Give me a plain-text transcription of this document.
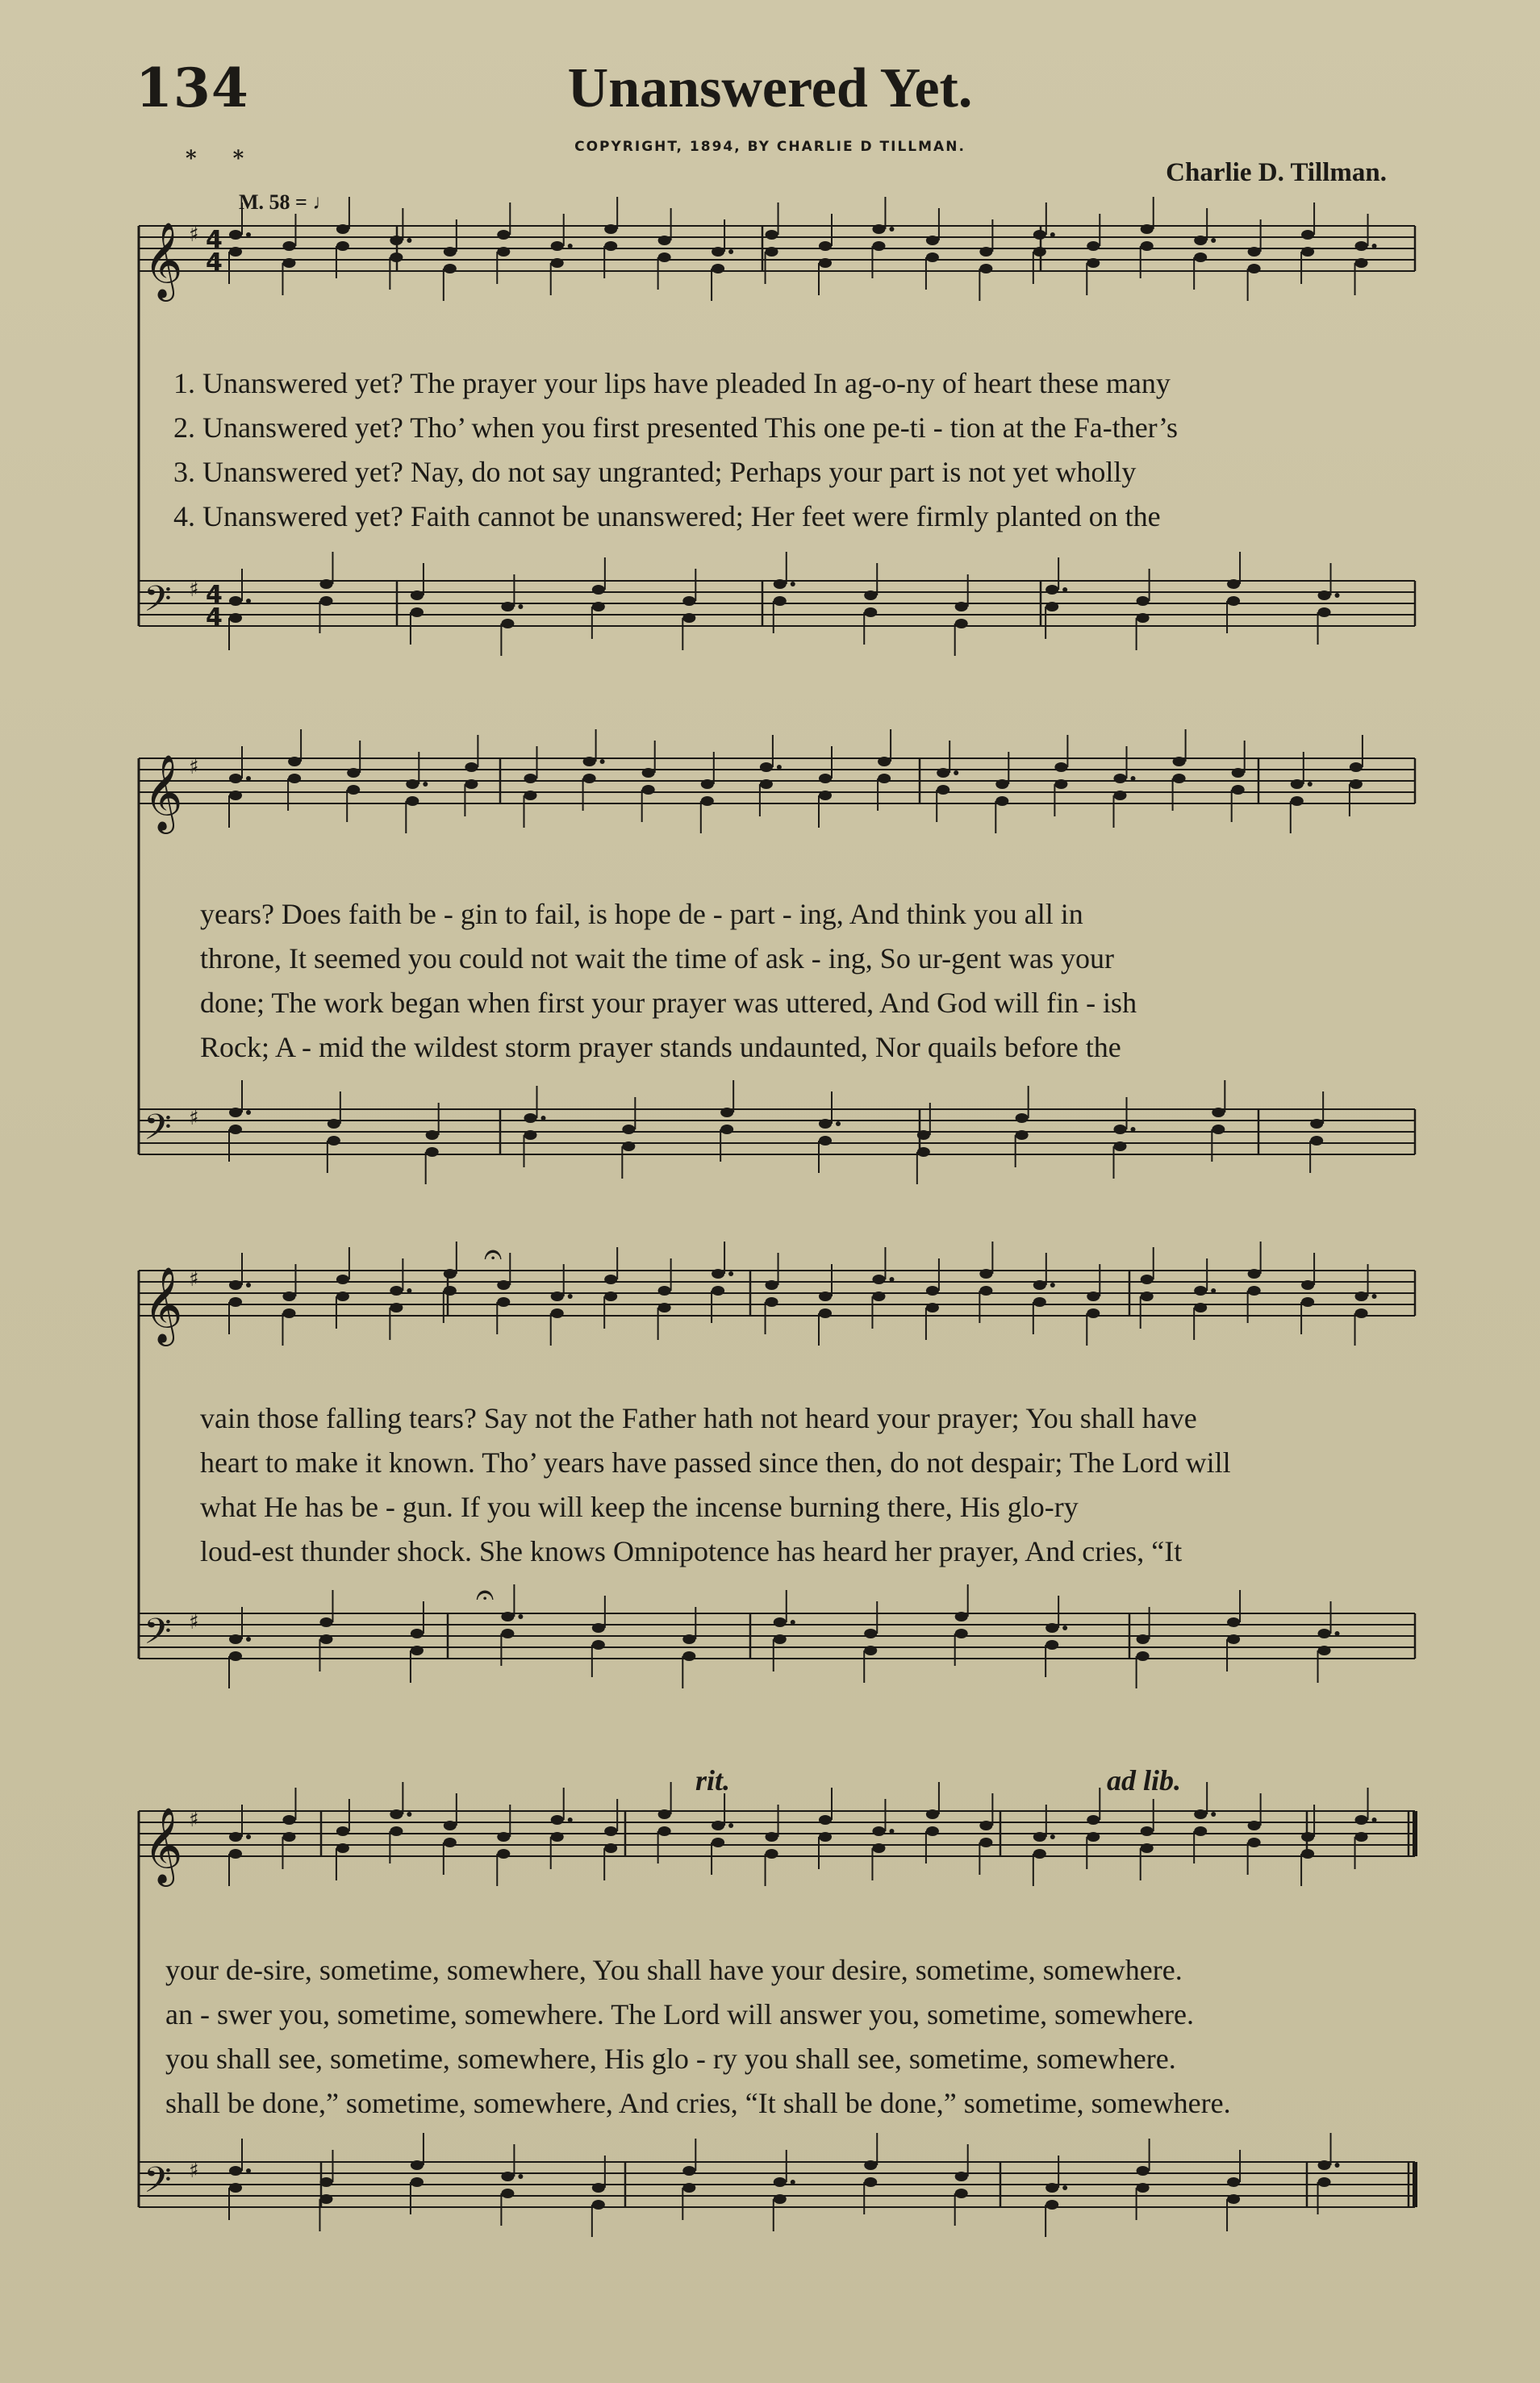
134	Unanswered Yet.
COPYRIGHT, 1894, BY CHARLIE D TILLMAN.
* *	Charlie D. Tillman.
M. 58 = ♩
𝄞 ♯
𝄢 ♯
𝄞 ♯
𝄢 ♯
𝄞 ♯
𝄢 ♯
𝄞 ♯
𝄢 ♯
4
4
4
4
𝄐
𝄐
1. Unanswered yet? The prayer your lips have pleaded In ag-o-ny of heart these many
2. Unanswered yet? Tho’ when you first presented This one pe-ti - tion at the Fa-ther’s
3. Unanswered yet? Nay, do not say ungranted; Perhaps your part is not yet wholly
4. Unanswered yet? Faith cannot be unanswered; Her feet were firmly planted on the
years? Does faith be - gin to fail, is hope de - part - ing, And think you all in
throne, It seemed you could not wait the time of ask - ing, So ur-gent was your
done; The work began when first your prayer was uttered, And God will fin - ish
Rock; A - mid the wildest storm prayer stands undaunted, Nor quails before the
vain those falling tears? Say not the Father hath not heard your prayer; You shall have
heart to make it known. Tho’ years have passed since then, do not despair; The Lord will
what He has be - gun. If you will keep the incense burning there, His glo-ry
loud-est thunder shock. She knows Omnipotence has heard her prayer, And cries, “It
rit.	ad lib.
your de-sire, sometime, somewhere, You shall have your desire, sometime, somewhere.
an - swer you, sometime, somewhere. The Lord will answer you, sometime, somewhere.
you shall see, sometime, somewhere, His glo - ry you shall see, sometime, somewhere.
shall be done,” sometime, somewhere, And cries, “It shall be done,” sometime, somewhere.
